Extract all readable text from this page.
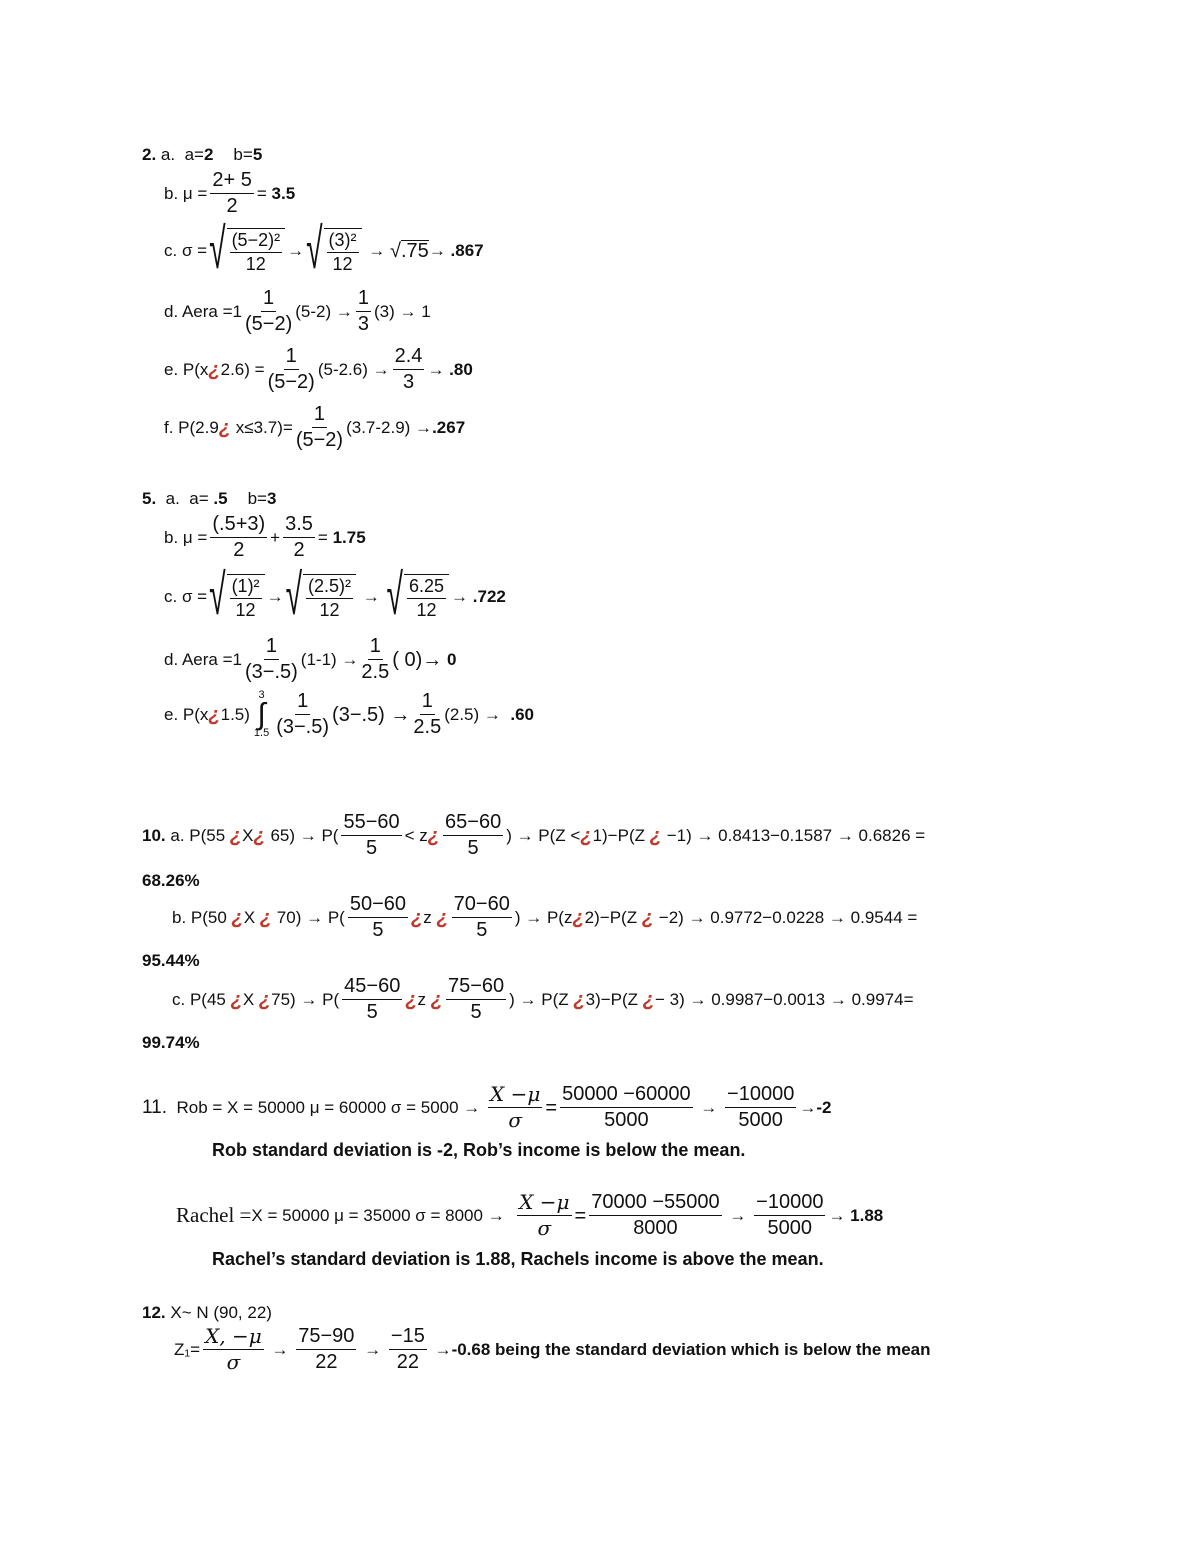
2.
a.
a= 2 b= 5
b. $\mu = \frac{2+ 5}{2}$ =
3.5
c. σ = √ $\frac{\text{(5−2)²}}{12}$ → √ $\frac{\text{(3)²}}{12}$
→
√ .75 →
.867
d. Aera $=1 \frac{1}{(5-2)} (5-2) \to \frac{1}{3} (3)$ →
1
e. P(x ¿ $2.6) = \frac{1}{(5-2)} (5-2.6) \to \frac{2.4}{3}$ →
.80
f. P(2.9 ¿
$x\le 3.7)= \frac{1}{(5-2)} (3.7-2.9) \to .267$
5.
a.
a=
.5 b= 3
b. $\mu = \frac{(.5+3)}{2} + \frac{3.5}{2}$ =
1.75
c. σ = √ $\frac{\text{(1)²}}{12}$ → √ $\frac{\text{(2.5)²}}{12}$
→
√ $\frac{6.25}{12}$ →
.722
d. Aera $=1 \frac{1}{(3-.5)} (1-1) \to \frac{1}{2.5}$ ( 0)→
0
e. P(x ¿ 1.5)
3
∫
$1.5 \frac{1}{(3-.5)} (3-.5) \to \frac{1}{2.5} (2.5)$ →
.60
10.
a. P(55
¿ X ¿
$65) \to P( \frac{55-60}{5} < z$ ¿ $\frac{65-60}{5}$ ) → P(Z < ¿ 1)−P(Z
¿
−1) → 0.8413−0.1587 → 0.6826 =
68.26%
b. P(50
¿ X
¿
$70) \to P( \frac{50-60}{5}$ ¿ z
¿ $\frac{70-60}{5}$ ) → P(z ¿ 2)−P(Z
¿
−2) → 0.9772−0.0228 → 0.9544 =
95.44%
c. P(45
¿ X
¿ $75) \to P( \frac{45-60}{5}$ ¿ z
¿ $\frac{75-60}{5}$ ) → P(Z
¿ 3)−P(Z
¿ − 3) → 0.9987−0.0013 → 0.9974=
99.74%
11.
Rob = X = 50000 μ = 60000 σ = 5000 →
$\frac{X -\mu}{\sigma} = \frac{50000 -60000}{5000}$
→
$\frac{-10000}{5000} \to -2$
Rob standard deviation is -2, Rob’s income is below the mean.
Rachel = X = 50000 μ = 35000 σ = 8000 →
$\frac{X -\mu}{\sigma} = \frac{70000 -55000}{8000}$
→
$\frac{-10000}{5000}$ →
1.88
Rachel’s standard deviation is 1.88, Rachels income is above the mean.
12.
X~ N (90, 22)
$Z_1= \frac{X, -\mu}{\sigma}$
→
$\frac{75-90}{22}$
→
$\frac{-15}{22}$
→ -0.68 being the standard deviation which is below the mean
